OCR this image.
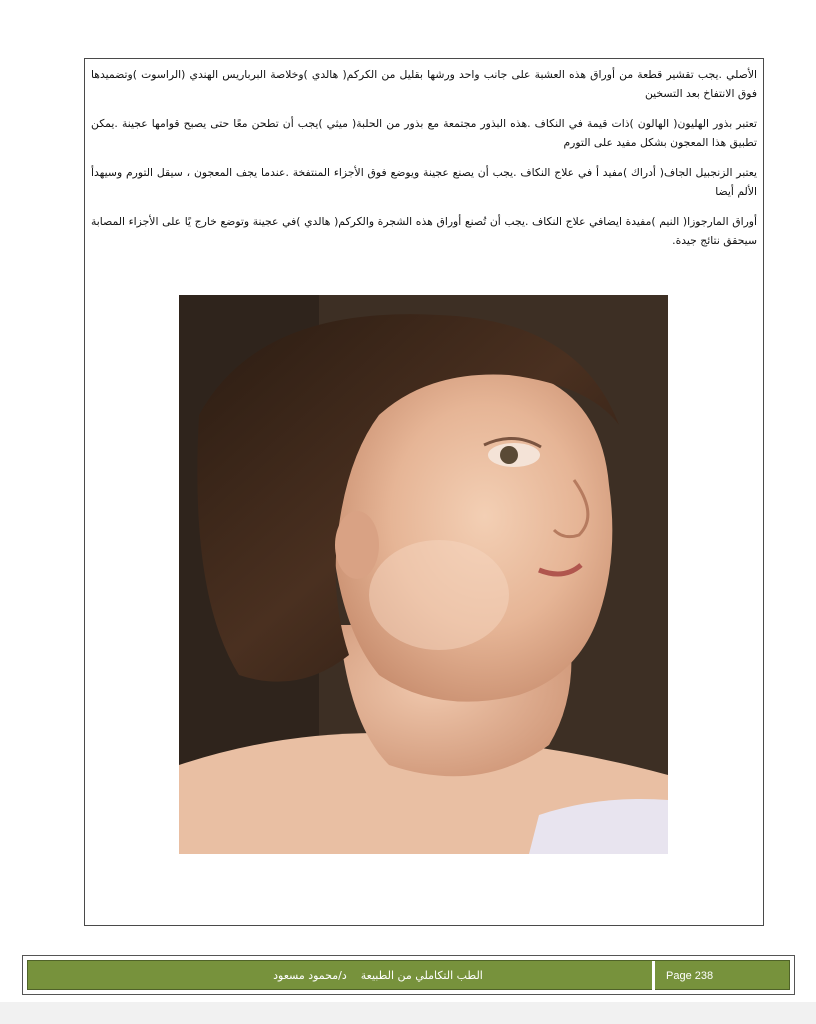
الأصلي .يجب تقشير قطعة من أوراق هذه العشبة على جانب واحد ورشها بقليل من الكركم( هالدي )وخلاصة البرباريس الهندي (الراسوت )وتضميدها فوق الانتفاخ بعد التسخين

تعتبر بذور الهليون( الهالون )ذات قيمة في النكاف .هذه البذور مجتمعة مع بذور من الحلبة( ميثي )يجب أن تطحن معًا حتى يصبح قوامها عجينة .يمكن تطبيق هذا المعجون بشكل مفيد على التورم

يعتبر الزنجبيل الجاف( أدراك )مفيد أ في علاج النكاف .يجب أن يصنع عجينة ويوضع فوق الأجزاء المنتفخة .عندما يجف المعجون ، سيقل التورم وسيهدأ الألم أيضا

أوراق المارجوزا( النيم )مفيدة ايضافي علاج النكاف .يجب أن تُصنع أوراق هذه الشجرة والكركم( هالدي )في عجينة وتوضع خارج يًا على الأجزاء المصابة سيحقق نتائج جيدة.

الطب التكاملي من الطبيعة    د/محمود مسعود	Page 238
